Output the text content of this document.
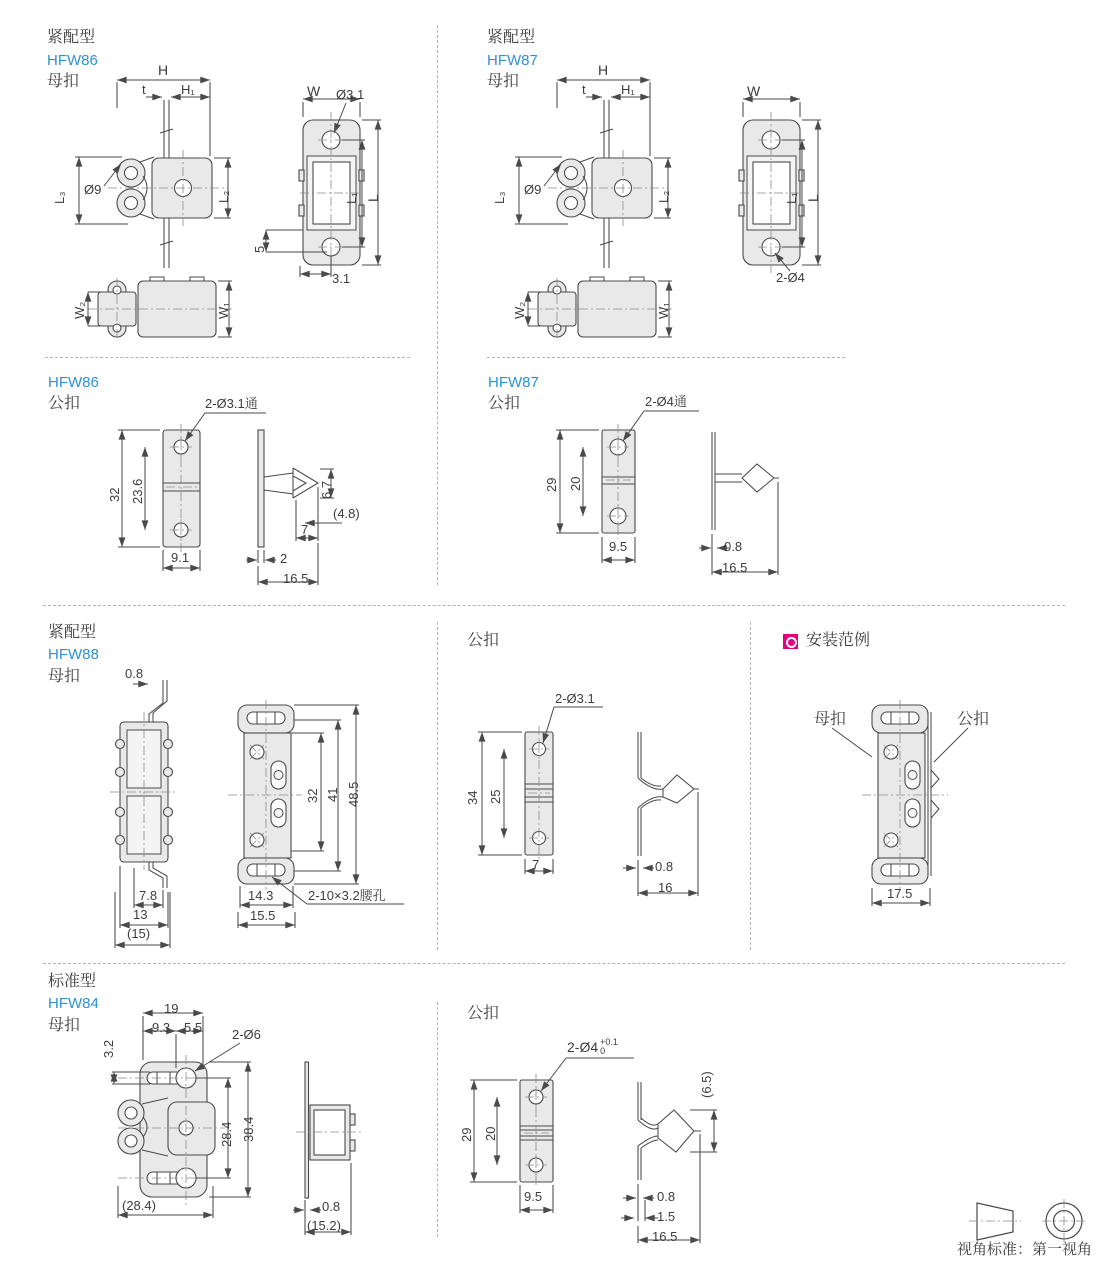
紧配型
HFW86
母扣
H
t	H₁	W Ø3.1
L₃
Ø9	L₂	L₁ L
5
3.1
W₂	W₁
紧配型
HFW87
母扣
H
t	H₁	W
L₃
Ø9	L₂	L₁ L
2-Ø4
W₂	W₁
HFW86
公扣	2-Ø3.1通
32 23.6
9.1
6.7
(4.8)
7
2
16.5
HFW87
公扣	2-Ø4通
29 20
9.5	0.8
16.5
紧配型
HFW88
母扣	0.8
7.8
13
(15)
14.3
15.5
32 41 48.5
2-10×3.2腰孔
公扣
2-Ø3.1
34 25
7	0.8
16
安装范例
母扣	公扣
17.5
标准型
HFW84
母扣
19
9.3 5.5 2-Ø6
3.2
28.4 38.4
(28.4)	0.8
(15.2)
公扣
2-Ø4 +0.1
0
29 20
9.5
(6.5)
0.8
1.5
16.5
视角标准：第一视角
